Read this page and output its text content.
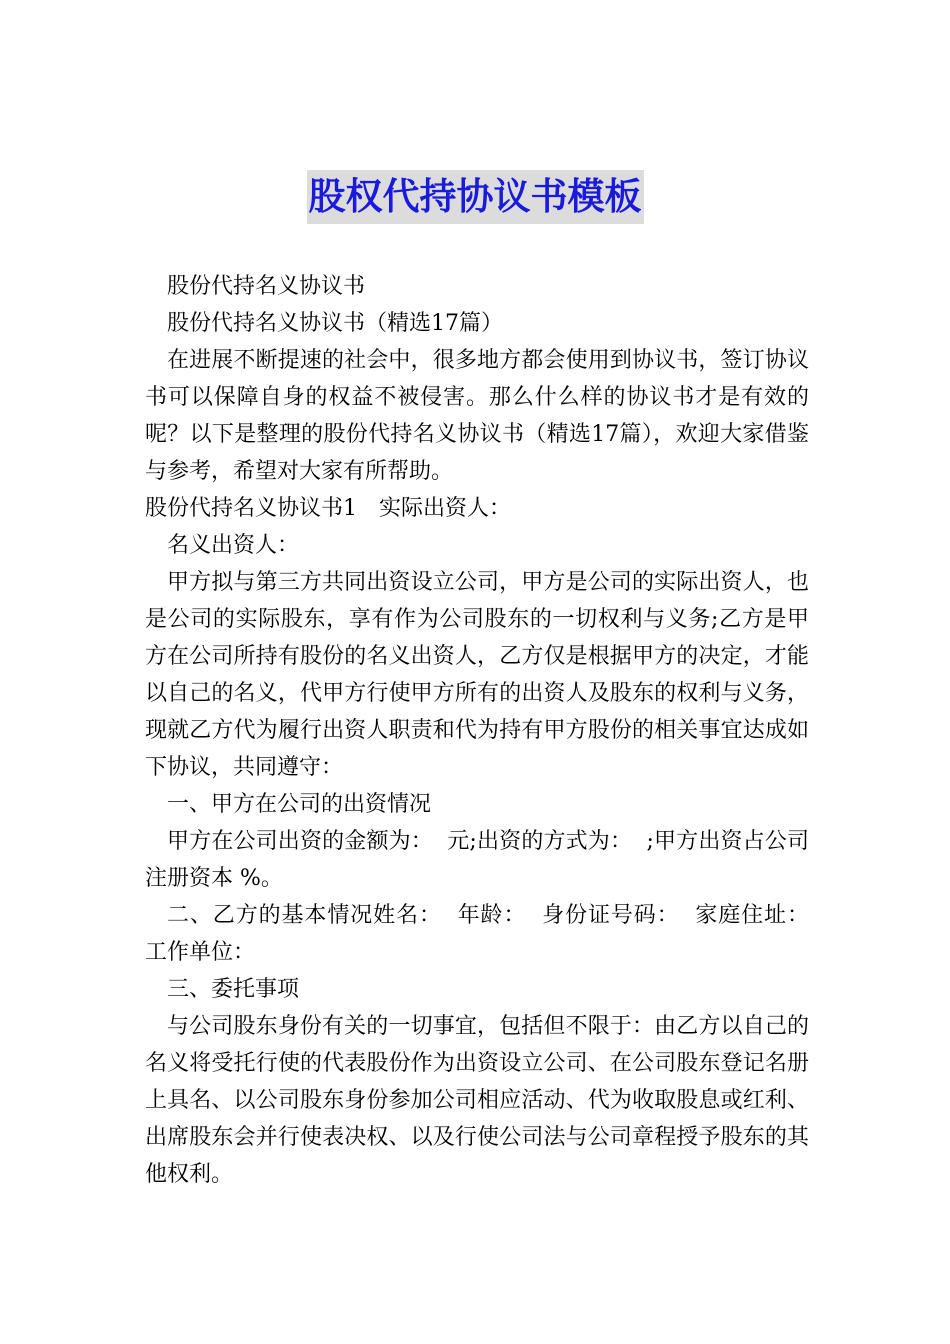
股权代持协议书模板

股份代持名义协议书

股份代持名义协议书（精选17篇）

在进展不断提速的社会中，很多地方都会使用到协议书，签订协议书可以保障自身的权益不被侵害。那么什么样的协议书才是有效的呢？以下是整理的股份代持名义协议书（精选17篇），欢迎大家借鉴与参考，希望对大家有所帮助。

股份代持名义协议书1　实际出资人：

名义出资人：

甲方拟与第三方共同出资设立公司，甲方是公司的实际出资人，也是公司的实际股东，享有作为公司股东的一切权利与义务;乙方是甲方在公司所持有股份的名义出资人，乙方仅是根据甲方的决定，才能以自己的名义，代甲方行使甲方所有的出资人及股东的权利与义务，现就乙方代为履行出资人职责和代为持有甲方股份的相关事宜达成如下协议，共同遵守：

一、甲方在公司的出资情况

甲方在公司出资的金额为：  元;出资的方式为：  ;甲方出资占公司注册资本 %。

二、乙方的基本情况姓名：  年龄：  身份证号码：  家庭住址：  工作单位：

三、委托事项

与公司股东身份有关的一切事宜，包括但不限于：由乙方以自己的名义将受托行使的代表股份作为出资设立公司、在公司股东登记名册上具名、以公司股东身份参加公司相应活动、代为收取股息或红利、出席股东会并行使表决权、以及行使公司法与公司章程授予股东的其他权利。
